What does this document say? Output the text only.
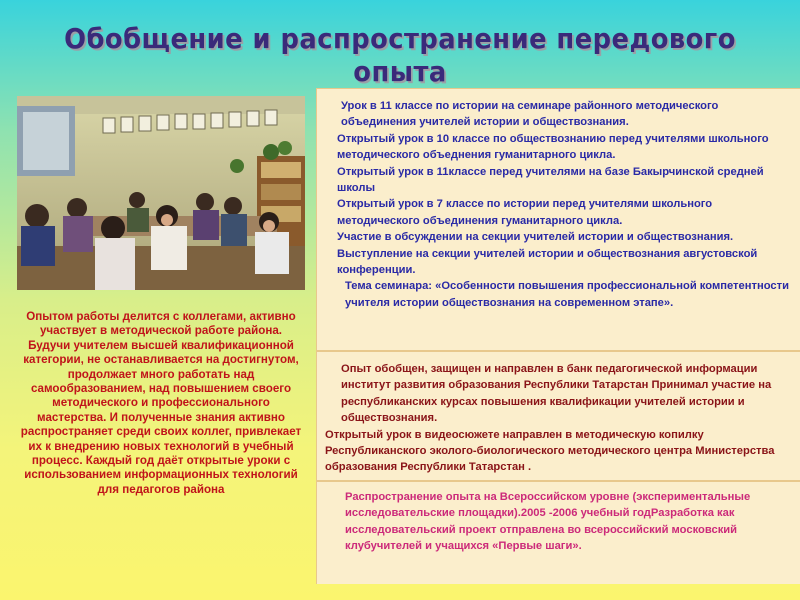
Обобщение и распространение передового опыта

Опытом работы делится с коллегами, активно участвует в методической работе района.

Будучи учителем высшей квалификационной категории, не останавливается на достигнутом, продолжает много работать над самообразованием, над повышением своего методического и профессионального мастерства. И полученные знания активно распространяет среди своих коллег, привлекает их к внедрению новых технологий в учебный процесс. Каждый год даёт открытые уроки с использованием информационных технологий для педагогов района

Урок в 11 классе по истории на семинаре районного методического объединения учителей истории и обществознания.

Открытый урок в 10 классе по обществознанию перед учителями школьного методического объеднения гуманитарного цикла.

Открытый урок в 11классе перед учителями на базе Бакырчинской средней школы

Открытый урок в 7 классе по истории перед учителями школьного методического объединения гуманитарного цикла.

Участие в обсуждении на секции учителей истории и обществознания.

Выступление на секции учителей истории и обществознания августовской конференции.

Тема семинара: «Особенности повышения профессиональной компетентности учителя истории обществознания на современном этапе».

Опыт обобщен, защищен и направлен в банк педагогической информации институт развития образования Республики Татарстан Принимал участие на республиканских курсах повышения квалификации учителей истории и обществознания.

Открытый урок в видеосюжете направлен в методическую копилку Республиканского эколого-биологического методического центра Министерства образования Республики Татарстан .

Распространение опыта на Всероссийском уровне (экспериментальные исследовательские площадки).2005 -2006 учебный годРазработка как исследовательский проект отправлена во всероссийский московский клубучителей и учащихся «Первые шаги».
